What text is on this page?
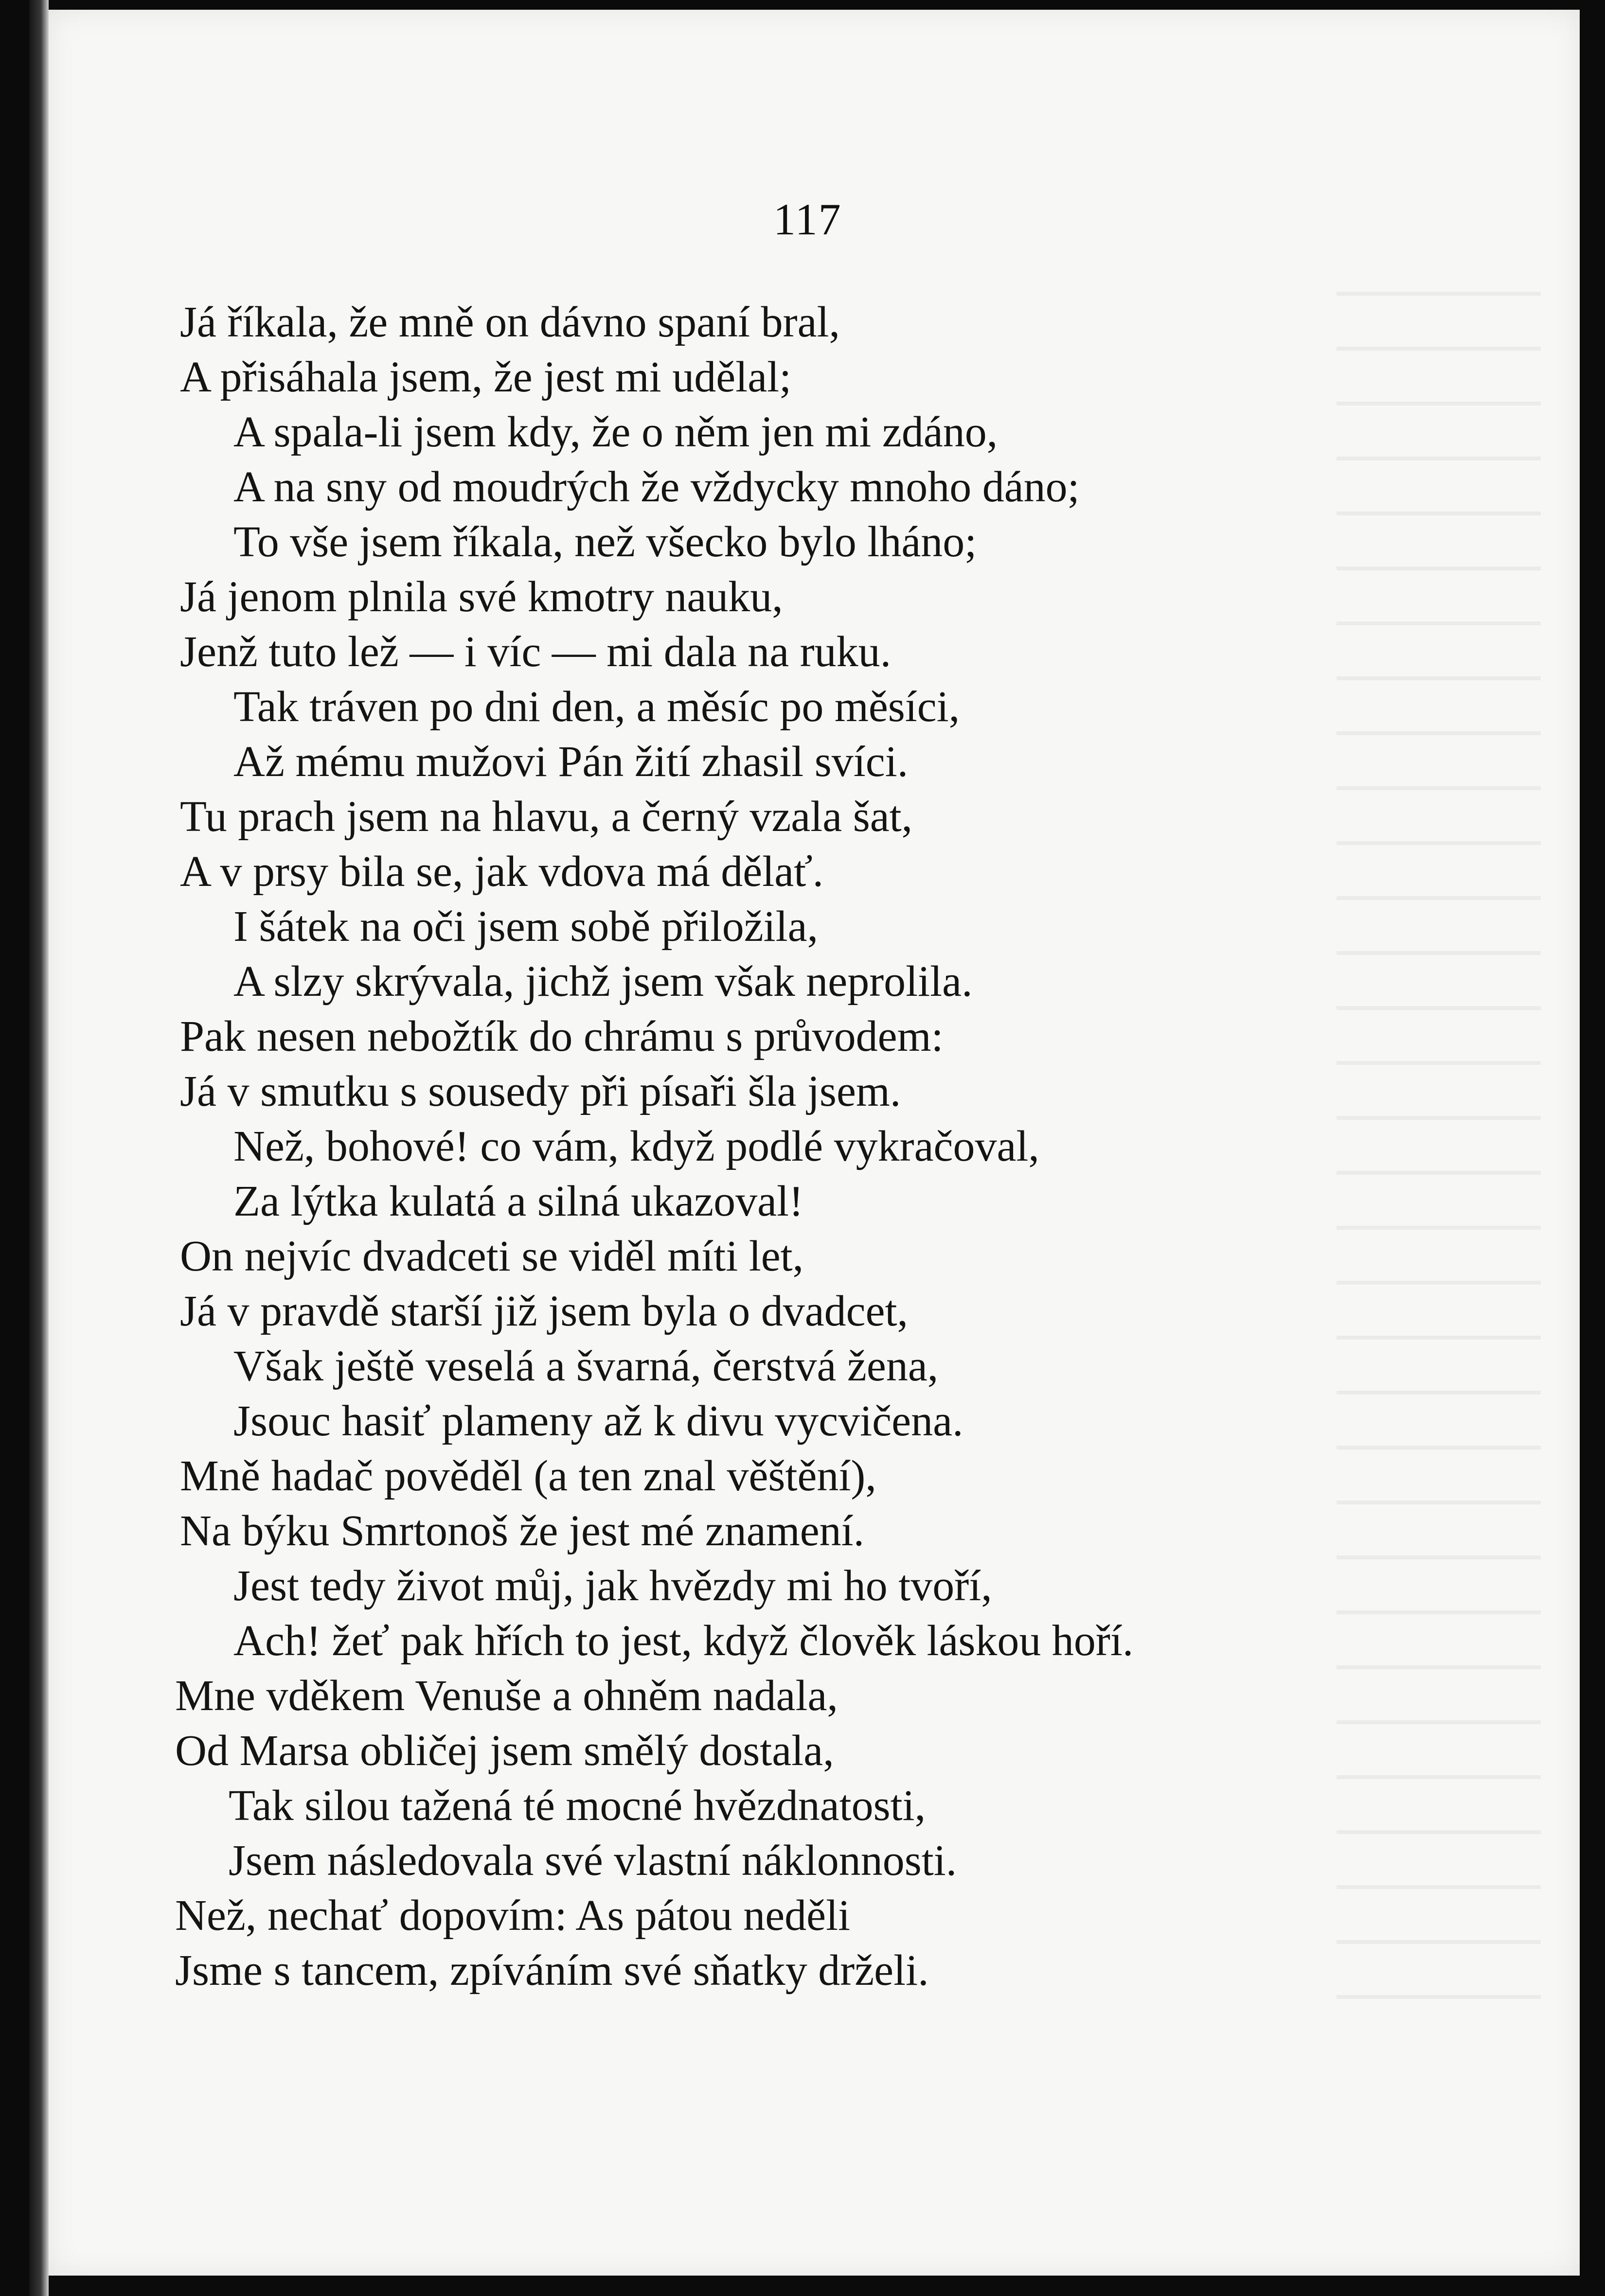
117
Já říkala, že mně on dávno spaní bral,
A přisáhala jsem, že jest mi udělal;
A spala-li jsem kdy, že o něm jen mi zdáno,
A na sny od moudrých že vždycky mnoho dáno;
To vše jsem říkala, než všecko bylo lháno;
Já jenom plnila své kmotry nauku,
Jenž tuto lež — i víc — mi dala na ruku.
Tak tráven po dni den, a měsíc po měsíci,
Až mému mužovi Pán žití zhasil svíci.
Tu prach jsem na hlavu, a černý vzala šat,
A v prsy bila se, jak vdova má dělať.
I šátek na oči jsem sobě přiložila,
A slzy skrývala, jichž jsem však neprolila.
Pak nesen nebožtík do chrámu s průvodem:
Já v smutku s sousedy při písaři šla jsem.
Než, bohové! co vám, když podlé vykračoval,
Za lýtka kulatá a silná ukazoval!
On nejvíc dvadceti se viděl míti let,
Já v pravdě starší již jsem byla o dvadcet,
Však ještě veselá a švarná, čerstvá žena,
Jsouc hasiť plameny až k divu vycvičena.
Mně hadač pověděl (a ten znal věštění),
Na býku Smrtonoš že jest mé znamení.
Jest tedy život můj, jak hvězdy mi ho tvoří,
Ach! žeť pak hřích to jest, když člověk láskou hoří.
Mne vděkem Venuše a ohněm nadala,
Od Marsa obličej jsem smělý dostala,
Tak silou tažená té mocné hvězdnatosti,
Jsem následovala své vlastní náklonnosti.
Než, nechať dopovím: As pátou neděli
Jsme s tancem, zpíváním své sňatky drželi.
